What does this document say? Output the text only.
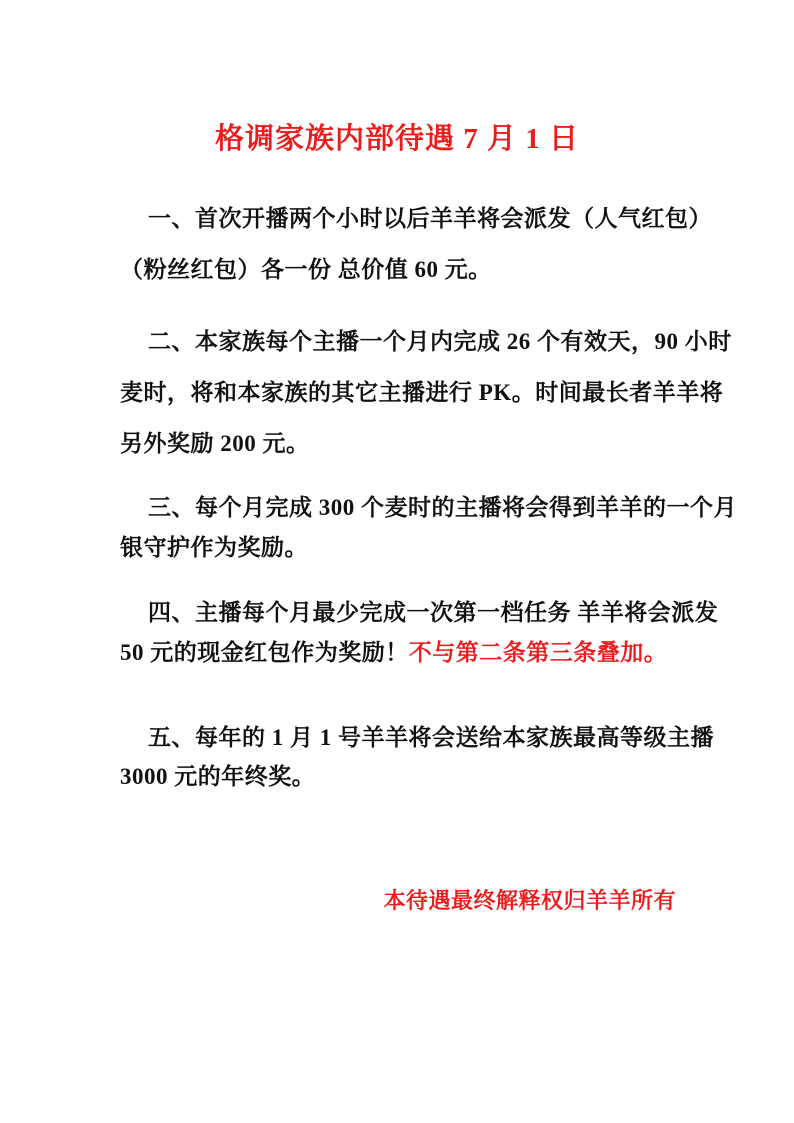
格调家族内部待遇 7 月 1 日
一、首次开播两个小时以后羊羊将会派发（人气红包）
（粉丝红包）各一份 总价值 60 元。
二、本家族每个主播一个月内完成 26 个有效天，90 小时
麦时，将和本家族的其它主播进行 PK。时间最长者羊羊将
另外奖励 200 元。
三、每个月完成 300 个麦时的主播将会得到羊羊的一个月
银守护作为奖励。
四、主播每个月最少完成一次第一档任务 羊羊将会派发
50 元的现金红包作为奖励！不与第二条第三条叠加。
五、每年的 1 月 1 号羊羊将会送给本家族最高等级主播
3000 元的年终奖。
本待遇最终解释权归羊羊所有
